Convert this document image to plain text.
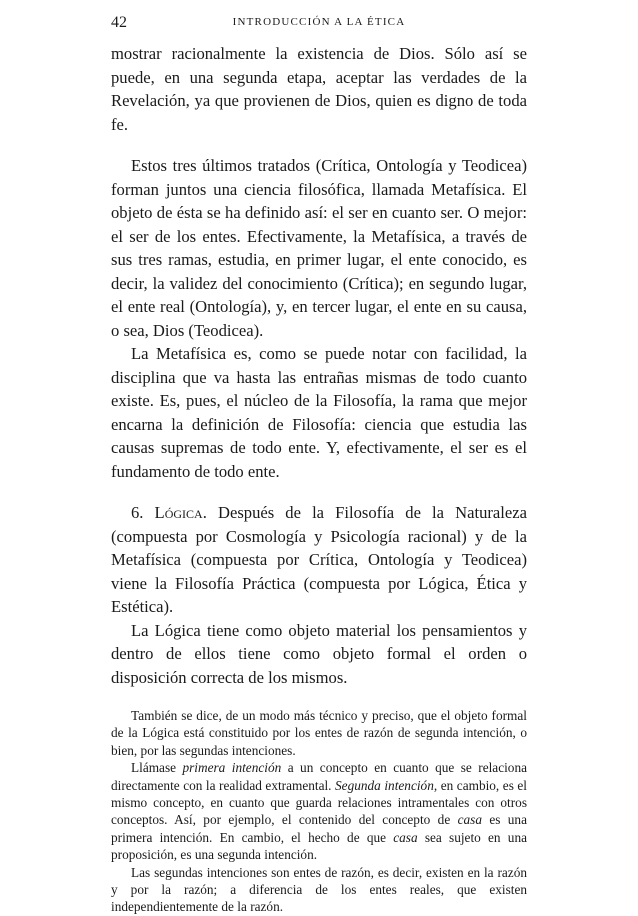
42	INTRODUCCIÓN A LA ÉTICA

mostrar racionalmente la existencia de Dios. Sólo así se puede, en una segunda etapa, aceptar las verdades de la Revelación, ya que provienen de Dios, quien es digno de toda fe.

Estos tres últimos tratados (Crítica, Ontología y Teodicea) forman juntos una ciencia filosófica, llamada Metafísica. El objeto de ésta se ha definido así: el ser en cuanto ser. O mejor: el ser de los entes. Efectivamente, la Metafísica, a través de sus tres ramas, estudia, en primer lugar, el ente conocido, es decir, la validez del conocimiento (Crítica); en segundo lugar, el ente real (Ontología), y, en tercer lugar, el ente en su causa, o sea, Dios (Teodicea).

La Metafísica es, como se puede notar con facilidad, la disciplina que va hasta las entrañas mismas de todo cuanto existe. Es, pues, el núcleo de la Filosofía, la rama que mejor encarna la definición de Filosofía: ciencia que estudia las causas supremas de todo ente. Y, efectivamente, el ser es el fundamento de todo ente.

6. Lógica. Después de la Filosofía de la Naturaleza (compuesta por Cosmología y Psicología racional) y de la Metafísica (compuesta por Crítica, Ontología y Teodicea) viene la Filosofía Práctica (compuesta por Lógica, Ética y Estética).

La Lógica tiene como objeto material los pensamientos y dentro de ellos tiene como objeto formal el orden o disposición correcta de los mismos.

También se dice, de un modo más técnico y preciso, que el objeto formal de la Lógica está constituido por los entes de razón de segunda intención, o bien, por las segundas intenciones.

Llámase primera intención a un concepto en cuanto que se relaciona directamente con la realidad extramental. Segunda intención, en cambio, es el mismo concepto, en cuanto que guarda relaciones intramentales con otros conceptos. Así, por ejemplo, el contenido del concepto de casa es una primera intención. En cambio, el hecho de que casa sea sujeto en una proposición, es una segunda intención.

Las segundas intenciones son entes de razón, es decir, existen en la razón y por la razón; a diferencia de los entes reales, que existen independientemente de la razón.
